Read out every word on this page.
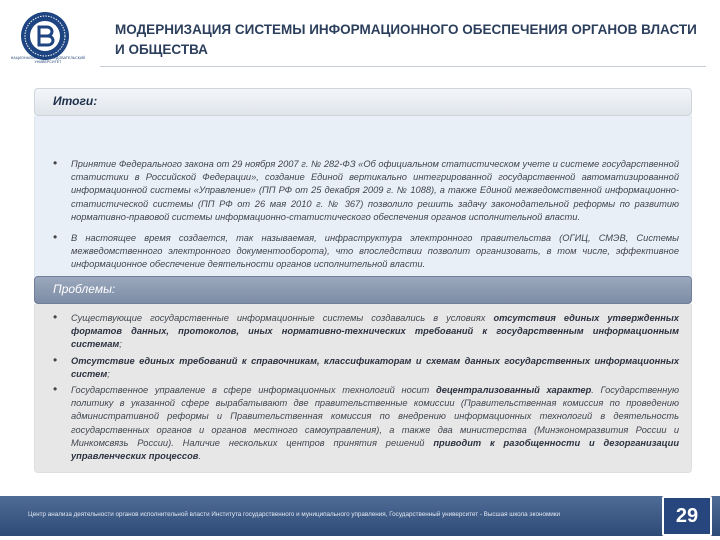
НАЦИОНАЛЬНЫЙ ИССЛЕДОВАТЕЛЬСКИЙ УНИВЕРСИТЕТ
МОДЕРНИЗАЦИЯ СИСТЕМЫ ИНФОРМАЦИОННОГО ОБЕСПЕЧЕНИЯ ОРГАНОВ ВЛАСТИ И ОБЩЕСТВА
Итоги:

• Принятие Федерального закона от 29 ноября 2007 г. № 282-ФЗ «Об официальном статистическом учете и системе государственной статистики в Российской Федерации», создание Единой вертикально интегрированной государственной автоматизированной информационной системы «Управление» (ПП РФ от 25 декабря 2009 г. № 1088), а также Единой межведомственной информационно-статистической системы (ПП РФ от 26 мая 2010 г. № 367) позволило решить задачу законодательной реформы по развитию нормативно-правовой системы информационно-статистического обеспечения органов исполнительной власти.

• В настоящее время создается, так называемая, инфраструктура электронного правительства (ОГИЦ, СМЭВ, Системы межведомственного электронного документооборота), что впоследствии позволит организовать, в том числе, эффективное информационное обеспечение деятельности органов исполнительной власти.

Проблемы:

• Существующие государственные информационные системы создавались в условиях отсутствия единых утвержденных форматов данных, протоколов, иных нормативно-технических требований к государственным информационным системам;

• Отсутствие единых требований к справочникам, классификаторам и схемам данных государственных информационных систем;

• Государственное управление в сфере информационных технологий носит децентрализованный характер. Государственную политику в указанной сфере вырабатывают две правительственные комиссии (Правительственная комиссия по проведению административной реформы и Правительственная комиссия по внедрению информационных технологий в деятельность государственных органов и органов местного самоуправления), а также два министерства (Минэкономразвития России и Минкомсвязь России). Наличие нескольких центров принятия решений приводит к разобщенности и дезорганизации управленческих процессов.

Центр анализа деятельности органов исполнительной власти Института государственного и муниципального управления, Государственный университет - Высшая школа экономики	29
